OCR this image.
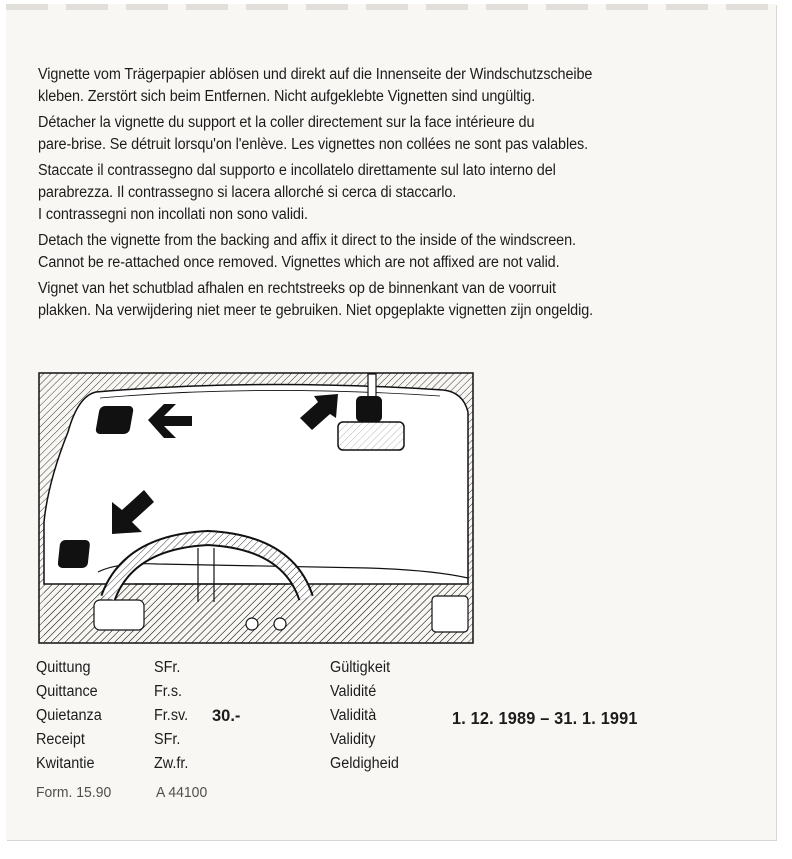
Vignette vom Trägerpapier ablösen und direkt auf die Innenseite der Windschutzscheibe
kleben. Zerstört sich beim Entfernen. Nicht aufgeklebte Vignetten sind ungültig.

Détacher la vignette du support et la coller directement sur la face intérieure du
pare-brise. Se détruit lorsqu'on l'enlève. Les vignettes non collées ne sont pas valables.

Staccate il contrassegno dal supporto e incollatelo direttamente sul lato interno del
parabrezza. Il contrassegno si lacera allorché si cerca di staccarlo.
I contrassegni non incollati non sono validi.

Detach the vignette from the backing and affix it direct to the inside of the windscreen.
Cannot be re-attached once removed. Vignettes which are not affixed are not valid.

Vignet van het schutblad afhalen en rechtstreeks op de binnenkant van de voorruit
plakken. Na verwijdering niet meer te gebruiken. Niet opgeplakte vignetten zijn ongeldig.

Quittung
Quittance
Quietanza
Receipt
Kwitantie
SFr.
Fr.s.
Fr.sv.
SFr.
Zw.fr.
30.-
Gültigkeit
Validité
Validità
Validity
Geldigheid
1. 12. 1989 – 31. 1. 1991
Form. 15.90	A 44100
